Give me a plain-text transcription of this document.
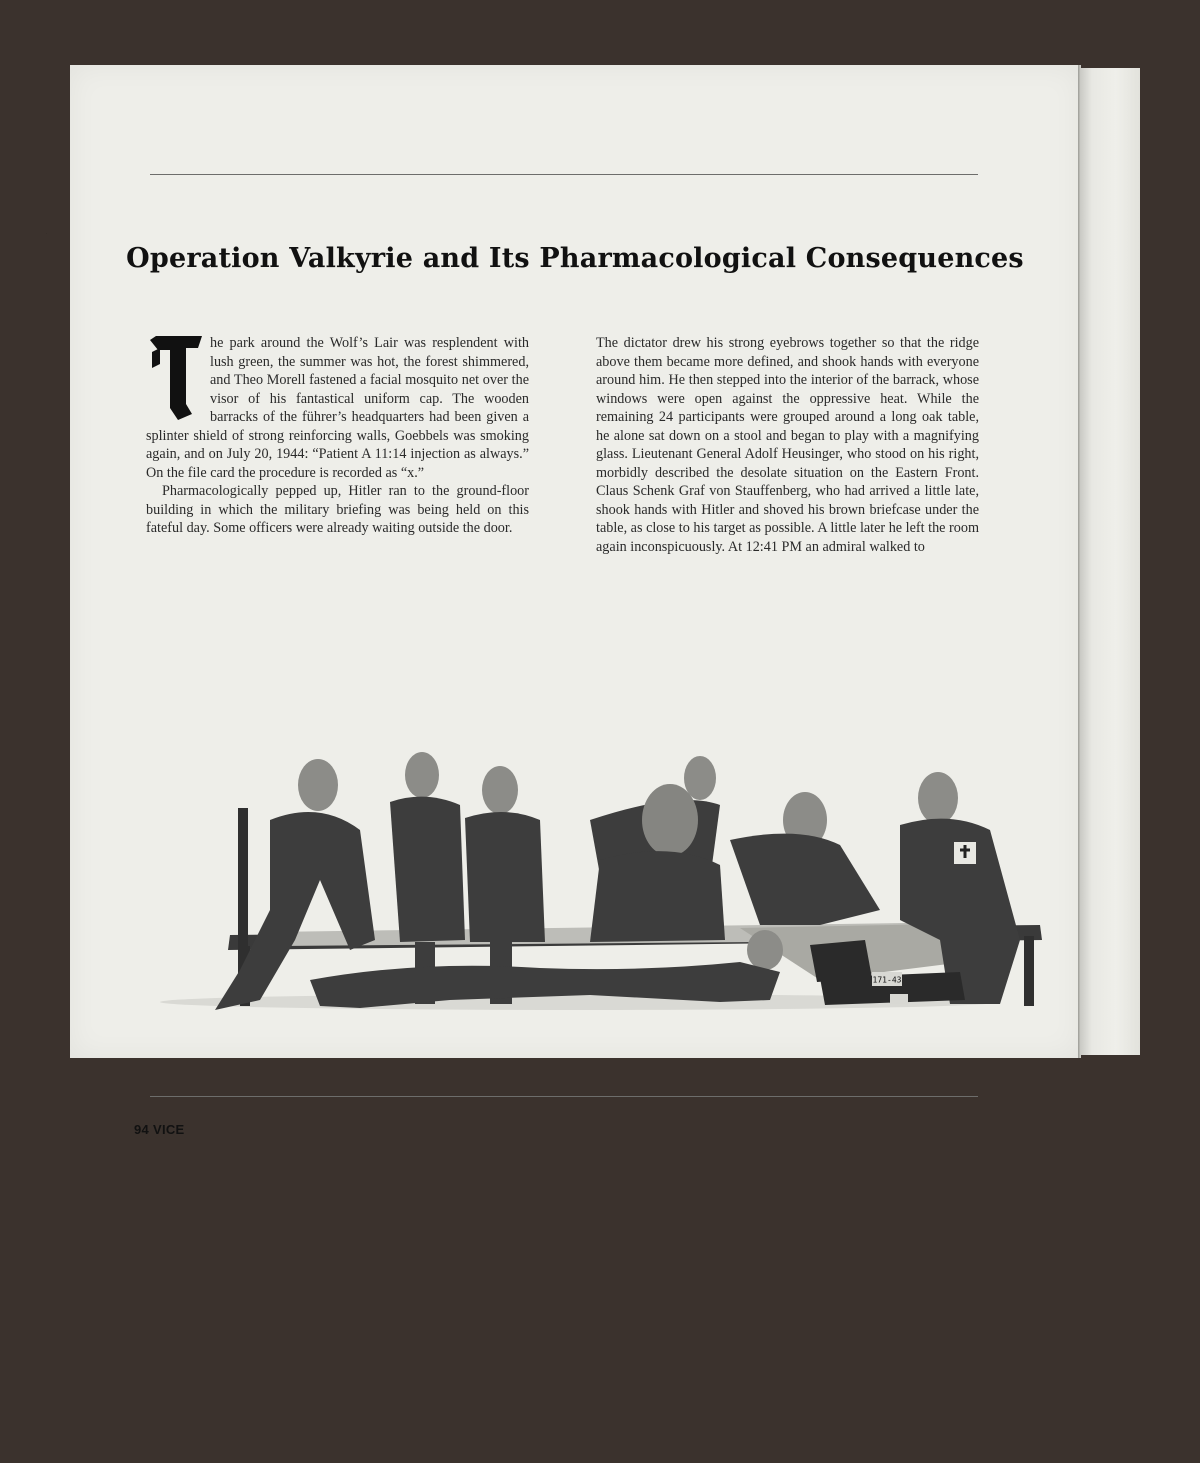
Operation Valkyrie and Its Pharmacological Consequences
T

he park around the Wolf’s Lair was resplendent with lush green, the summer was hot, the forest shimmered, and Theo Morell fastened a facial mosquito net over the visor of his fantastical uniform cap. The wooden barracks of the führer’s headquarters had been given a splinter shield of strong reinforcing walls, Goebbels was smoking again, and on July 20, 1944: “Patient A 11:14 injection as always.” On the file card the procedure is recorded as “x.”

Pharmacologically pepped up, Hitler ran to the ground-floor building in which the military briefing was being held on this fateful day. Some officers were already waiting outside the door.

The dictator drew his strong eyebrows together so that the ridge above them became more defined, and shook hands with everyone around him. He then stepped into the interior of the barrack, whose windows were open against the oppressive heat. While the remaining 24 participants were grouped around a long oak table, he alone sat down on a stool and began to play with a magnifying glass. Lieutenant General Adolf Heusinger, who stood on his right, morbidly described the desolate situation on the Eastern Front. Claus Schenk Graf von Stauffenberg, who had arrived a little late, shook hands with Hitler and shoved his brown briefcase under the table, as close to his target as possible. A little later he left the room again inconspicuously. At 12:41 PM an admiral walked to

171-43
94 VICE
